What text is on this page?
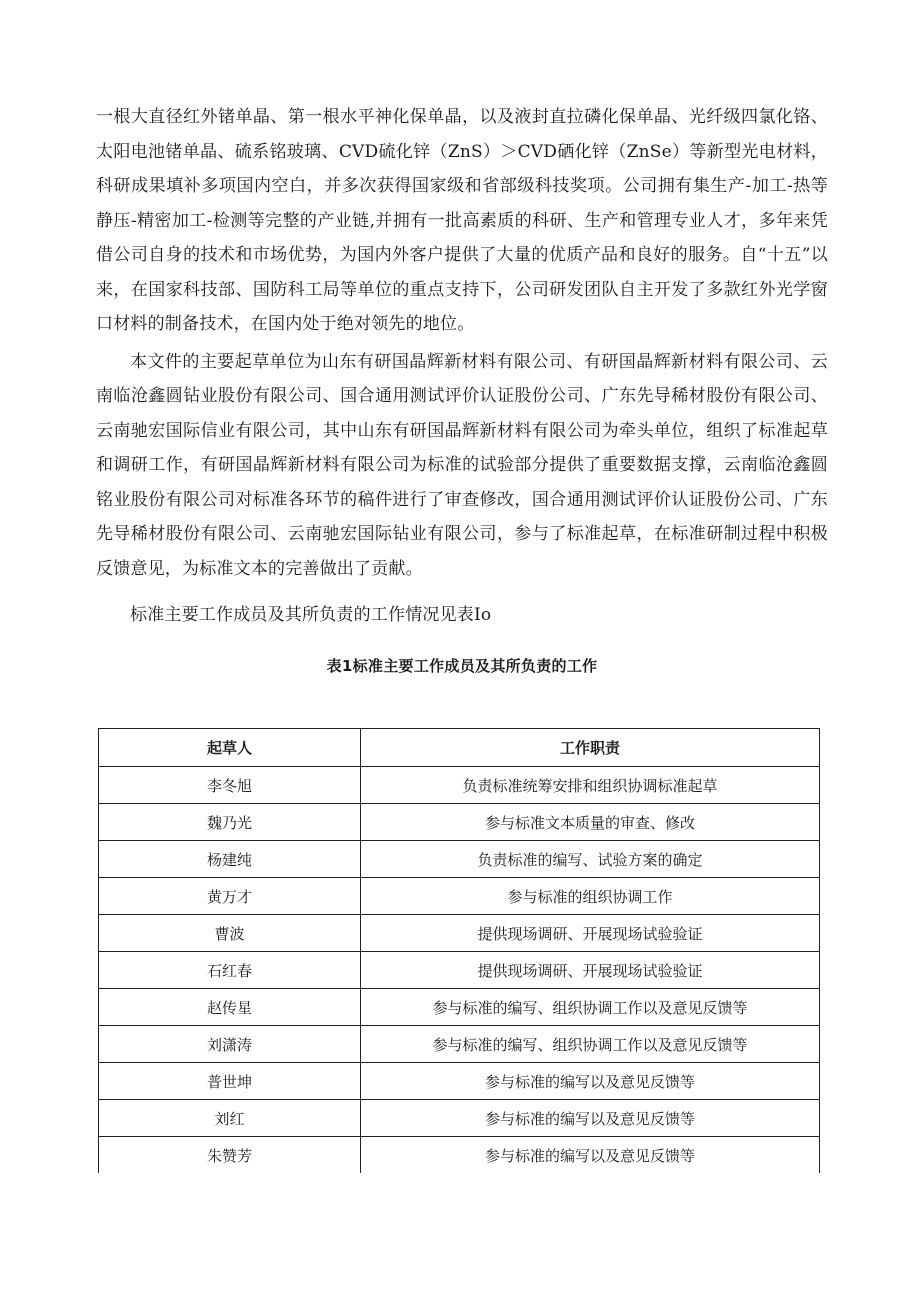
一根大直径红外锗单晶、第一根水平神化保单晶，以及液封直拉磷化保单晶、光纤级四氯化铬、太阳电池锗单晶、硫系铭玻璃、CVD硫化锌（ZnS）＞CVD硒化锌（ZnSe）等新型光电材料，科研成果填补多项国内空白，并多次获得国家级和省部级科技奖项。公司拥有集生产-加工-热等静压-精密加工-检测等完整的产业链,并拥有一批高素质的科研、生产和管理专业人才，多年来凭借公司自身的技术和市场优势，为国内外客户提供了大量的优质产品和良好的服务。自“十五”以来，在国家科技部、国防科工局等单位的重点支持下，公司研发团队自主开发了多款红外光学窗口材料的制备技术，在国内处于绝对领先的地位。

本文件的主要起草单位为山东有研国晶辉新材料有限公司、有研国晶辉新材料有限公司、云南临沧鑫圆钻业股份有限公司、国合通用测试评价认证股份公司、广东先导稀材股份有限公司、云南驰宏国际信业有限公司，其中山东有研国晶辉新材料有限公司为牵头单位，组织了标准起草和调研工作，有研国晶辉新材料有限公司为标准的试验部分提供了重要数据支撑，云南临沧鑫圆铭业股份有限公司对标准各环节的稿件进行了审查修改，国合通用测试评价认证股份公司、广东先导稀材股份有限公司、云南驰宏国际钻业有限公司，参与了标准起草，在标准研制过程中积极反馈意见，为标准文本的完善做出了贡献。

标准主要工作成员及其所负责的工作情况见表Io

表1标准主要工作成员及其所负责的工作

起草人	工作职责
李冬旭	负责标准统筹安排和组织协调标准起草
魏乃光	参与标准文本质量的审查、修改
杨建纯	负责标准的编写、试验方案的确定
黄万才	参与标准的组织协调工作
曹波	提供现场调研、开展现场试验验证
石红春	提供现场调研、开展现场试验验证
赵传星	参与标准的编写、组织协调工作以及意见反馈等
刘潇涛	参与标准的编写、组织协调工作以及意见反馈等
普世坤	参与标准的编写以及意见反馈等
刘红	参与标准的编写以及意见反馈等
朱赞芳	参与标准的编写以及意见反馈等
